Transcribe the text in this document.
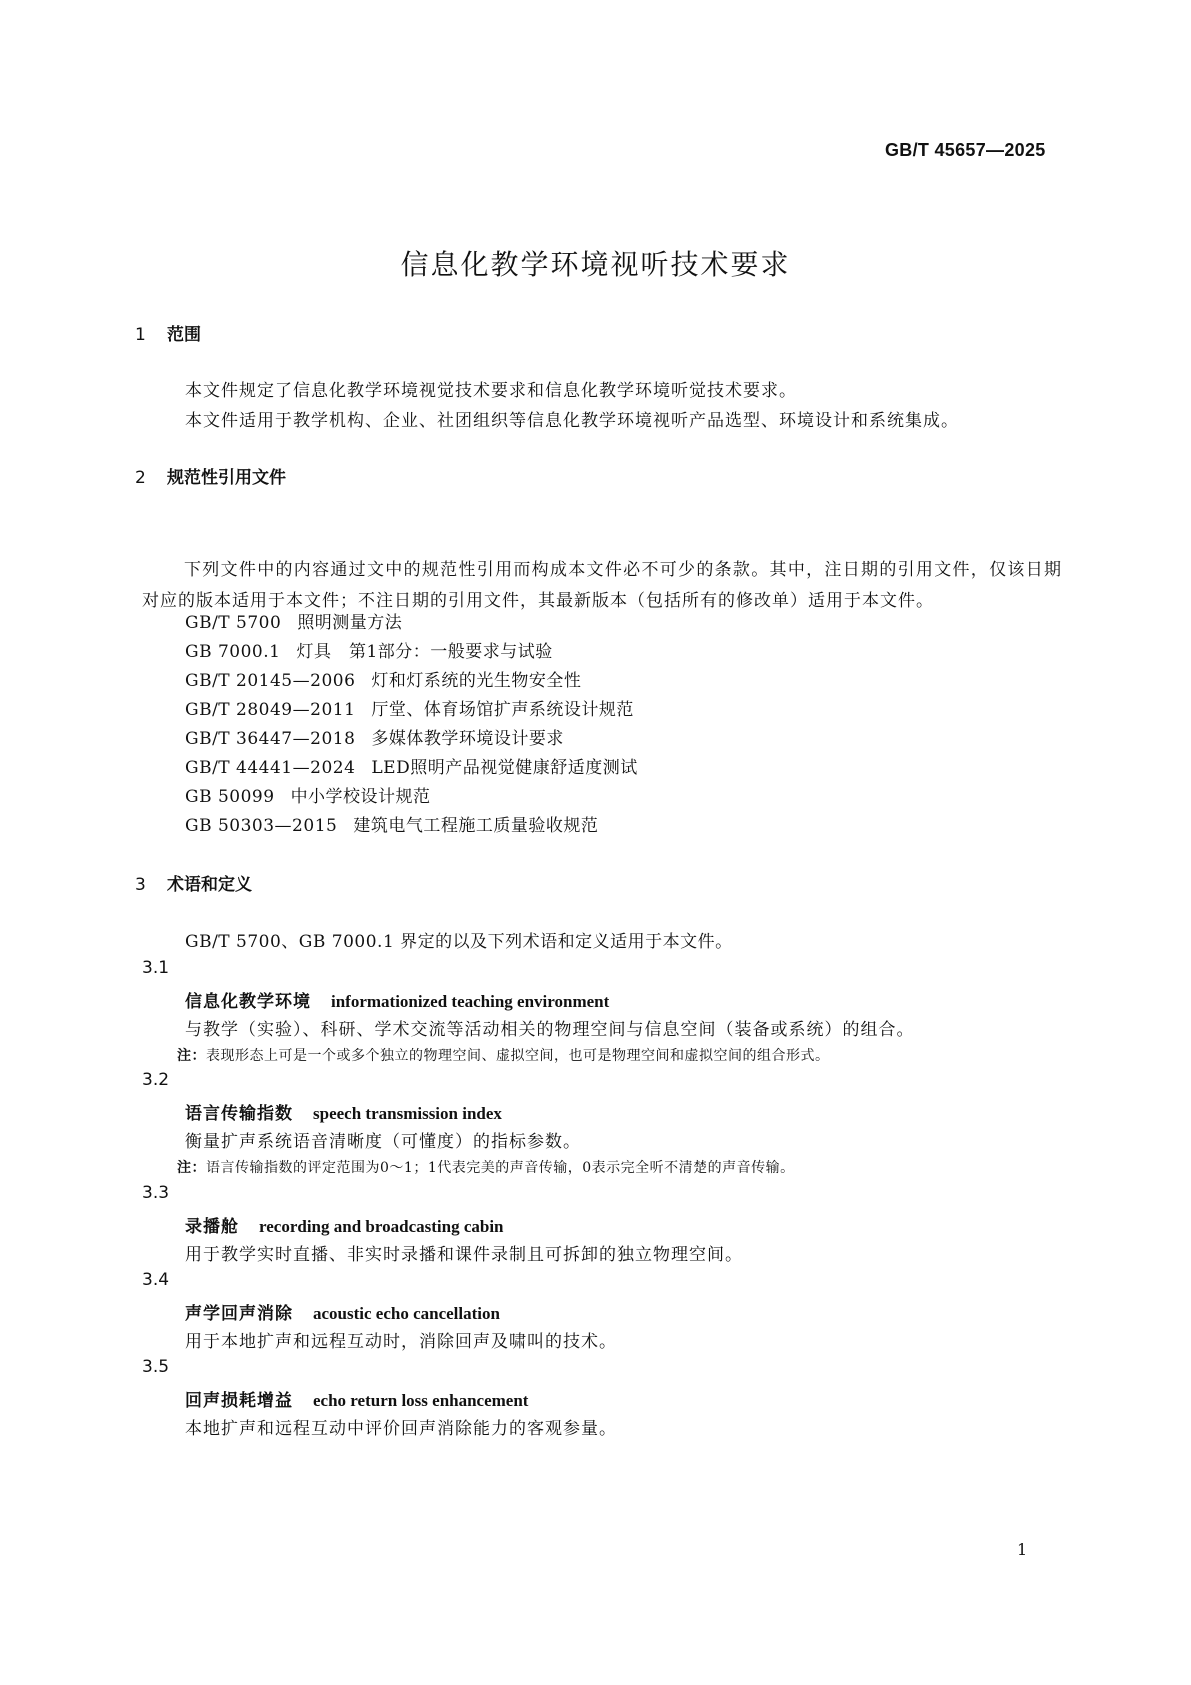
GB/T 45657—2025
信息化教学环境视听技术要求
1 范围
本文件规定了信息化教学环境视觉技术要求和信息化教学环境听觉技术要求。
本文件适用于教学机构、企业、社团组织等信息化教学环境视听产品选型、环境设计和系统集成。
2 规范性引用文件
下列文件中的内容通过文中的规范性引用而构成本文件必不可少的条款。其中，注日期的引用文件，仅该日期对应的版本适用于本文件；不注日期的引用文件，其最新版本（包括所有的修改单）适用于本文件。
GB/T 5700 照明测量方法
GB 7000.1 灯具　第1部分：一般要求与试验
GB/T 20145—2006 灯和灯系统的光生物安全性
GB/T 28049—2011 厅堂、体育场馆扩声系统设计规范
GB/T 36447—2018 多媒体教学环境设计要求
GB/T 44441—2024 LED照明产品视觉健康舒适度测试
GB 50099 中小学校设计规范
GB 50303—2015 建筑电气工程施工质量验收规范
3 术语和定义
GB/T 5700、GB 7000.1 界定的以及下列术语和定义适用于本文件。
3.1
信息化教学环境 informationized teaching environment
与教学（实验）、科研、学术交流等活动相关的物理空间与信息空间（装备或系统）的组合。
注：表现形态上可是一个或多个独立的物理空间、虚拟空间，也可是物理空间和虚拟空间的组合形式。
3.2
语言传输指数 speech transmission index
衡量扩声系统语音清晰度（可懂度）的指标参数。
注：语言传输指数的评定范围为0～1；1代表完美的声音传输，0表示完全听不清楚的声音传输。
3.3
录播舱 recording and broadcasting cabin
用于教学实时直播、非实时录播和课件录制且可拆卸的独立物理空间。
3.4
声学回声消除 acoustic echo cancellation
用于本地扩声和远程互动时，消除回声及啸叫的技术。
3.5
回声损耗增益 echo return loss enhancement
本地扩声和远程互动中评价回声消除能力的客观参量。
1
